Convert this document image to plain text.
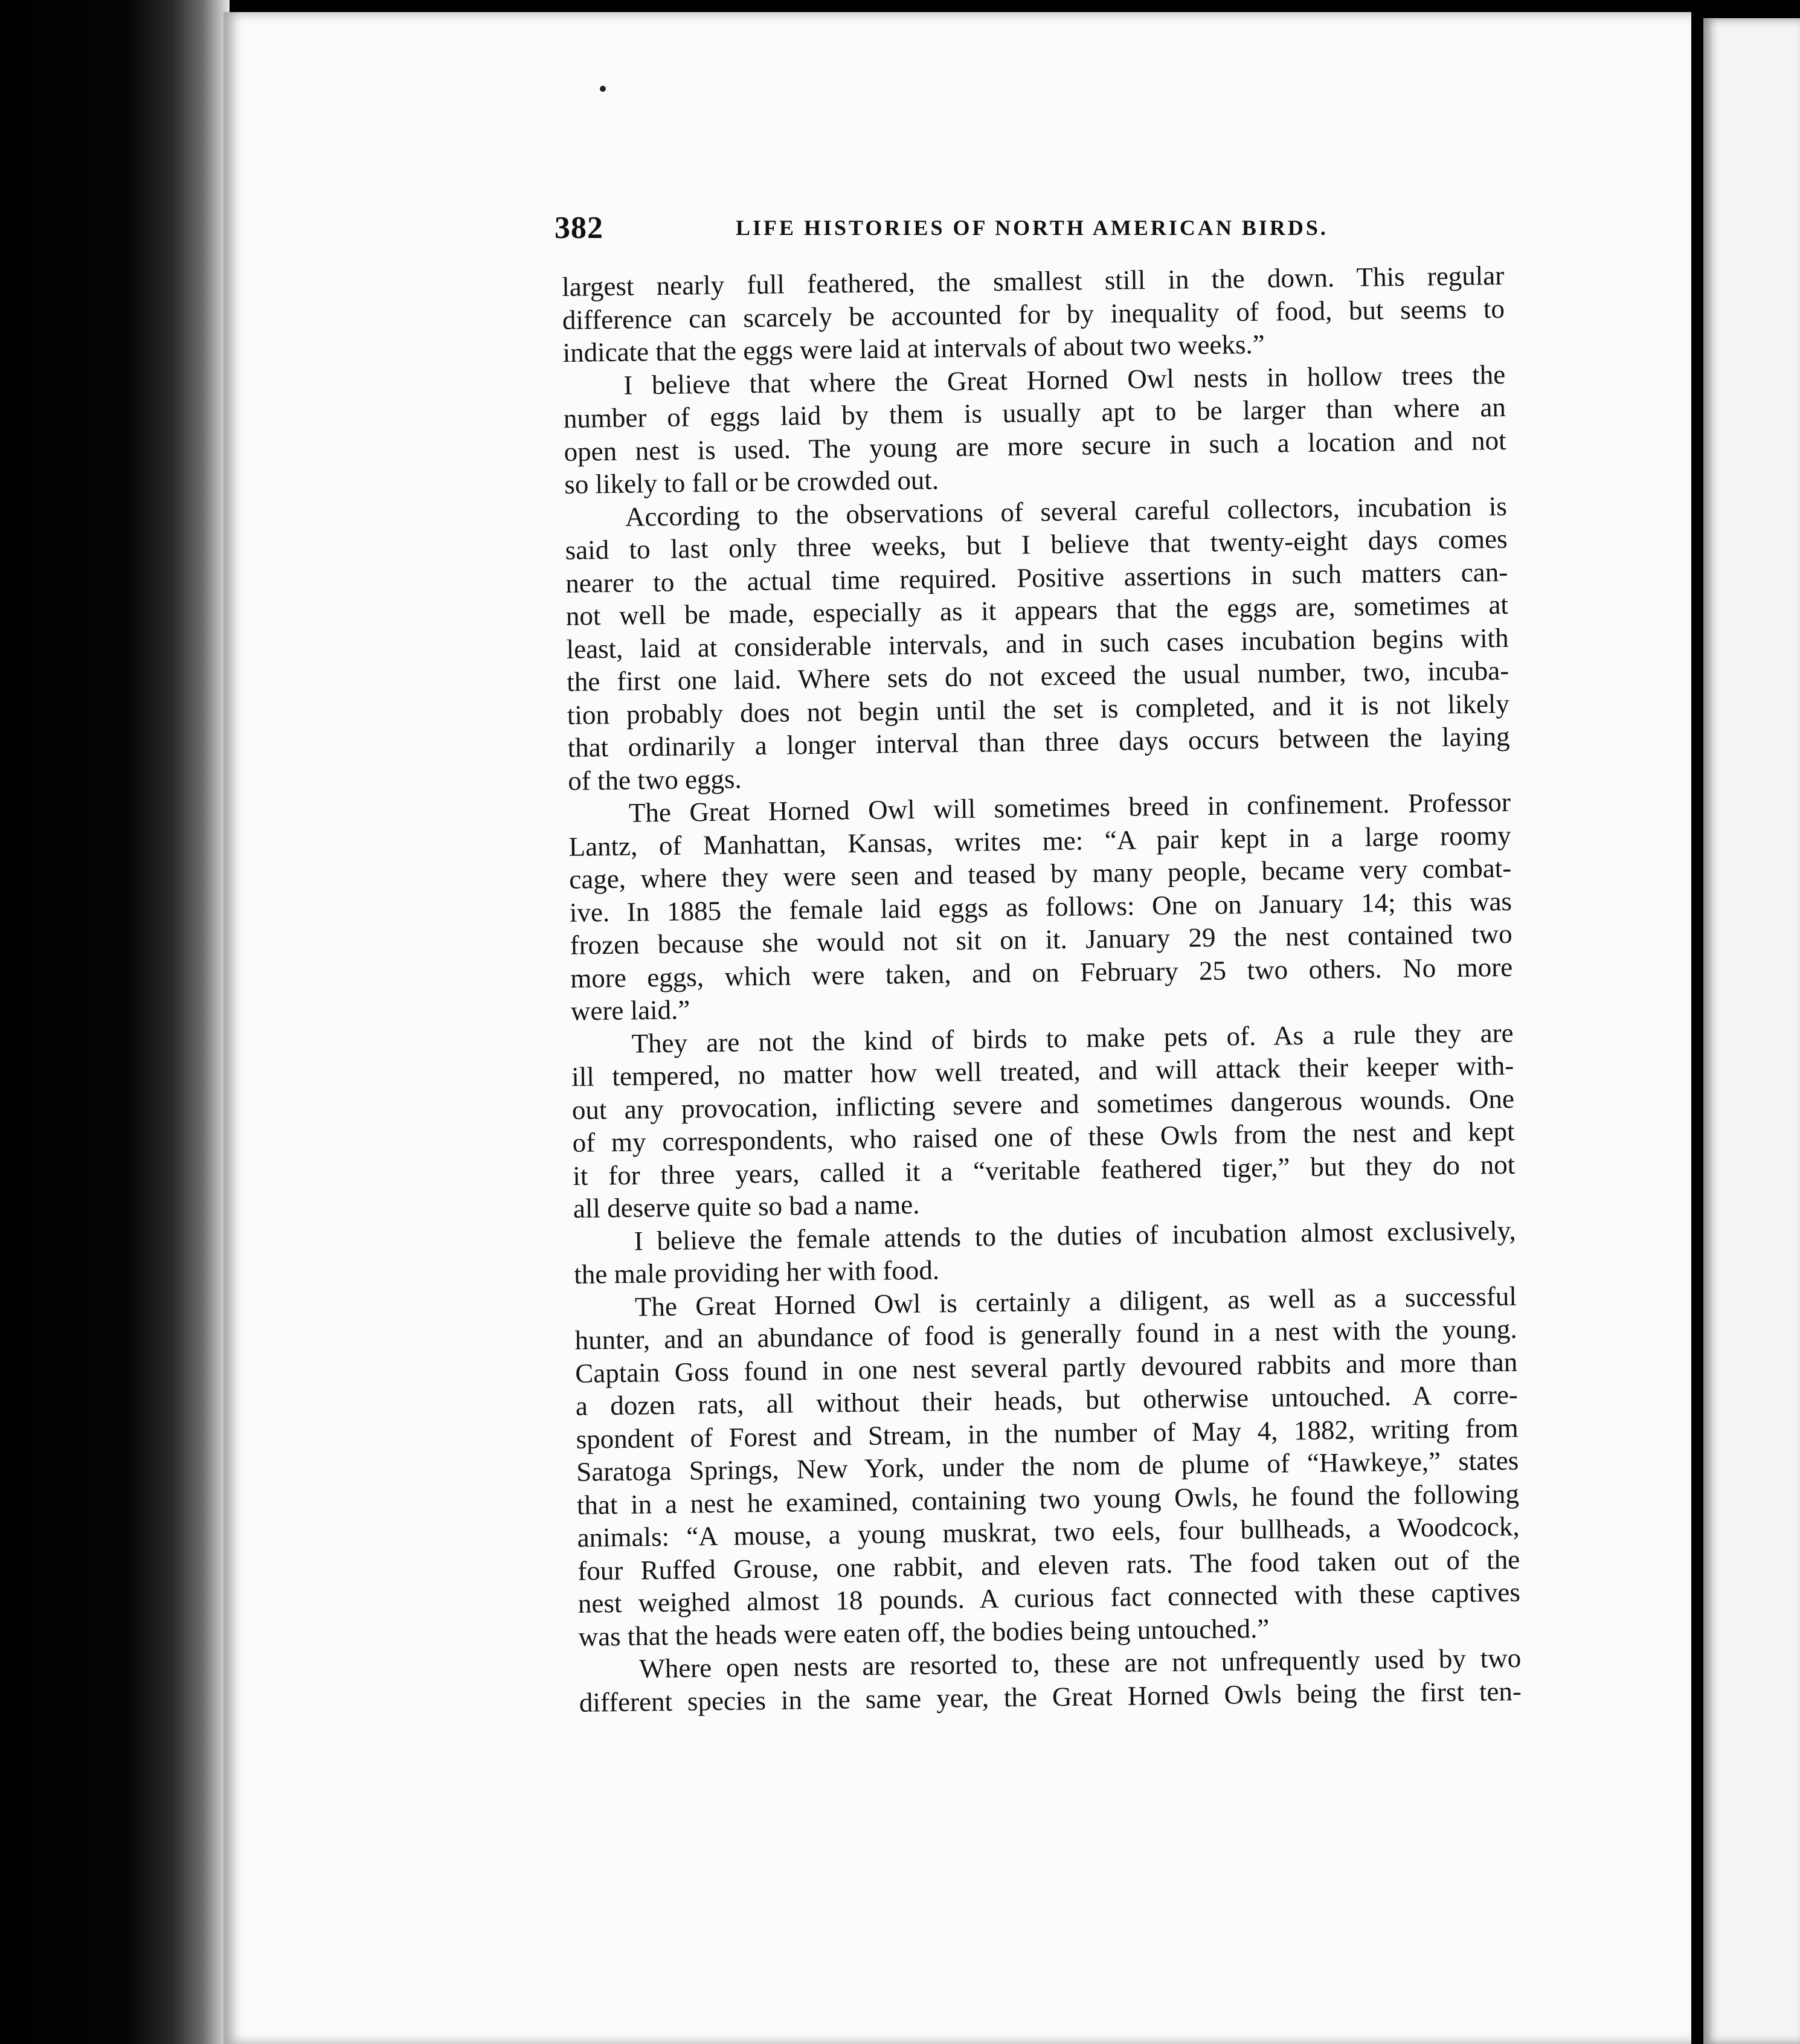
382	LIFE HISTORIES OF NORTH AMERICAN BIRDS.
largest nearly full feathered, the smallest still in the down. This regular
difference can scarcely be accounted for by inequality of food, but seems to
indicate that the eggs were laid at intervals of about two weeks.”
I believe that where the Great Horned Owl nests in hollow trees the
number of eggs laid by them is usually apt to be larger than where an
open nest is used. The young are more secure in such a location and not
so likely to fall or be crowded out.
According to the observations of several careful collectors, incubation is
said to last only three weeks, but I believe that twenty-eight days comes
nearer to the actual time required. Positive assertions in such matters can-
not well be made, especially as it appears that the eggs are, sometimes at
least, laid at considerable intervals, and in such cases incubation begins with
the first one laid. Where sets do not exceed the usual number, two, incuba-
tion probably does not begin until the set is completed, and it is not likely
that ordinarily a longer interval than three days occurs between the laying
of the two eggs.
The Great Horned Owl will sometimes breed in confinement. Professor
Lantz, of Manhattan, Kansas, writes me: “A pair kept in a large roomy
cage, where they were seen and teased by many people, became very combat-
ive. In 1885 the female laid eggs as follows: One on January 14; this was
frozen because she would not sit on it. January 29 the nest contained two
more eggs, which were taken, and on February 25 two others. No more
were laid.”
They are not the kind of birds to make pets of. As a rule they are
ill tempered, no matter how well treated, and will attack their keeper with-
out any provocation, inflicting severe and sometimes dangerous wounds. One
of my correspondents, who raised one of these Owls from the nest and kept
it for three years, called it a “veritable feathered tiger,” but they do not
all deserve quite so bad a name.
I believe the female attends to the duties of incubation almost exclusively,
the male providing her with food.
The Great Horned Owl is certainly a diligent, as well as a successful
hunter, and an abundance of food is generally found in a nest with the young.
Captain Goss found in one nest several partly devoured rabbits and more than
a dozen rats, all without their heads, but otherwise untouched. A corre-
spondent of Forest and Stream, in the number of May 4, 1882, writing from
Saratoga Springs, New York, under the nom de plume of “Hawkeye,” states
that in a nest he examined, containing two young Owls, he found the following
animals: “A mouse, a young muskrat, two eels, four bullheads, a Woodcock,
four Ruffed Grouse, one rabbit, and eleven rats. The food taken out of the
nest weighed almost 18 pounds. A curious fact connected with these captives
was that the heads were eaten off, the bodies being untouched.”
Where open nests are resorted to, these are not unfrequently used by two
different species in the same year, the Great Horned Owls being the first ten-
